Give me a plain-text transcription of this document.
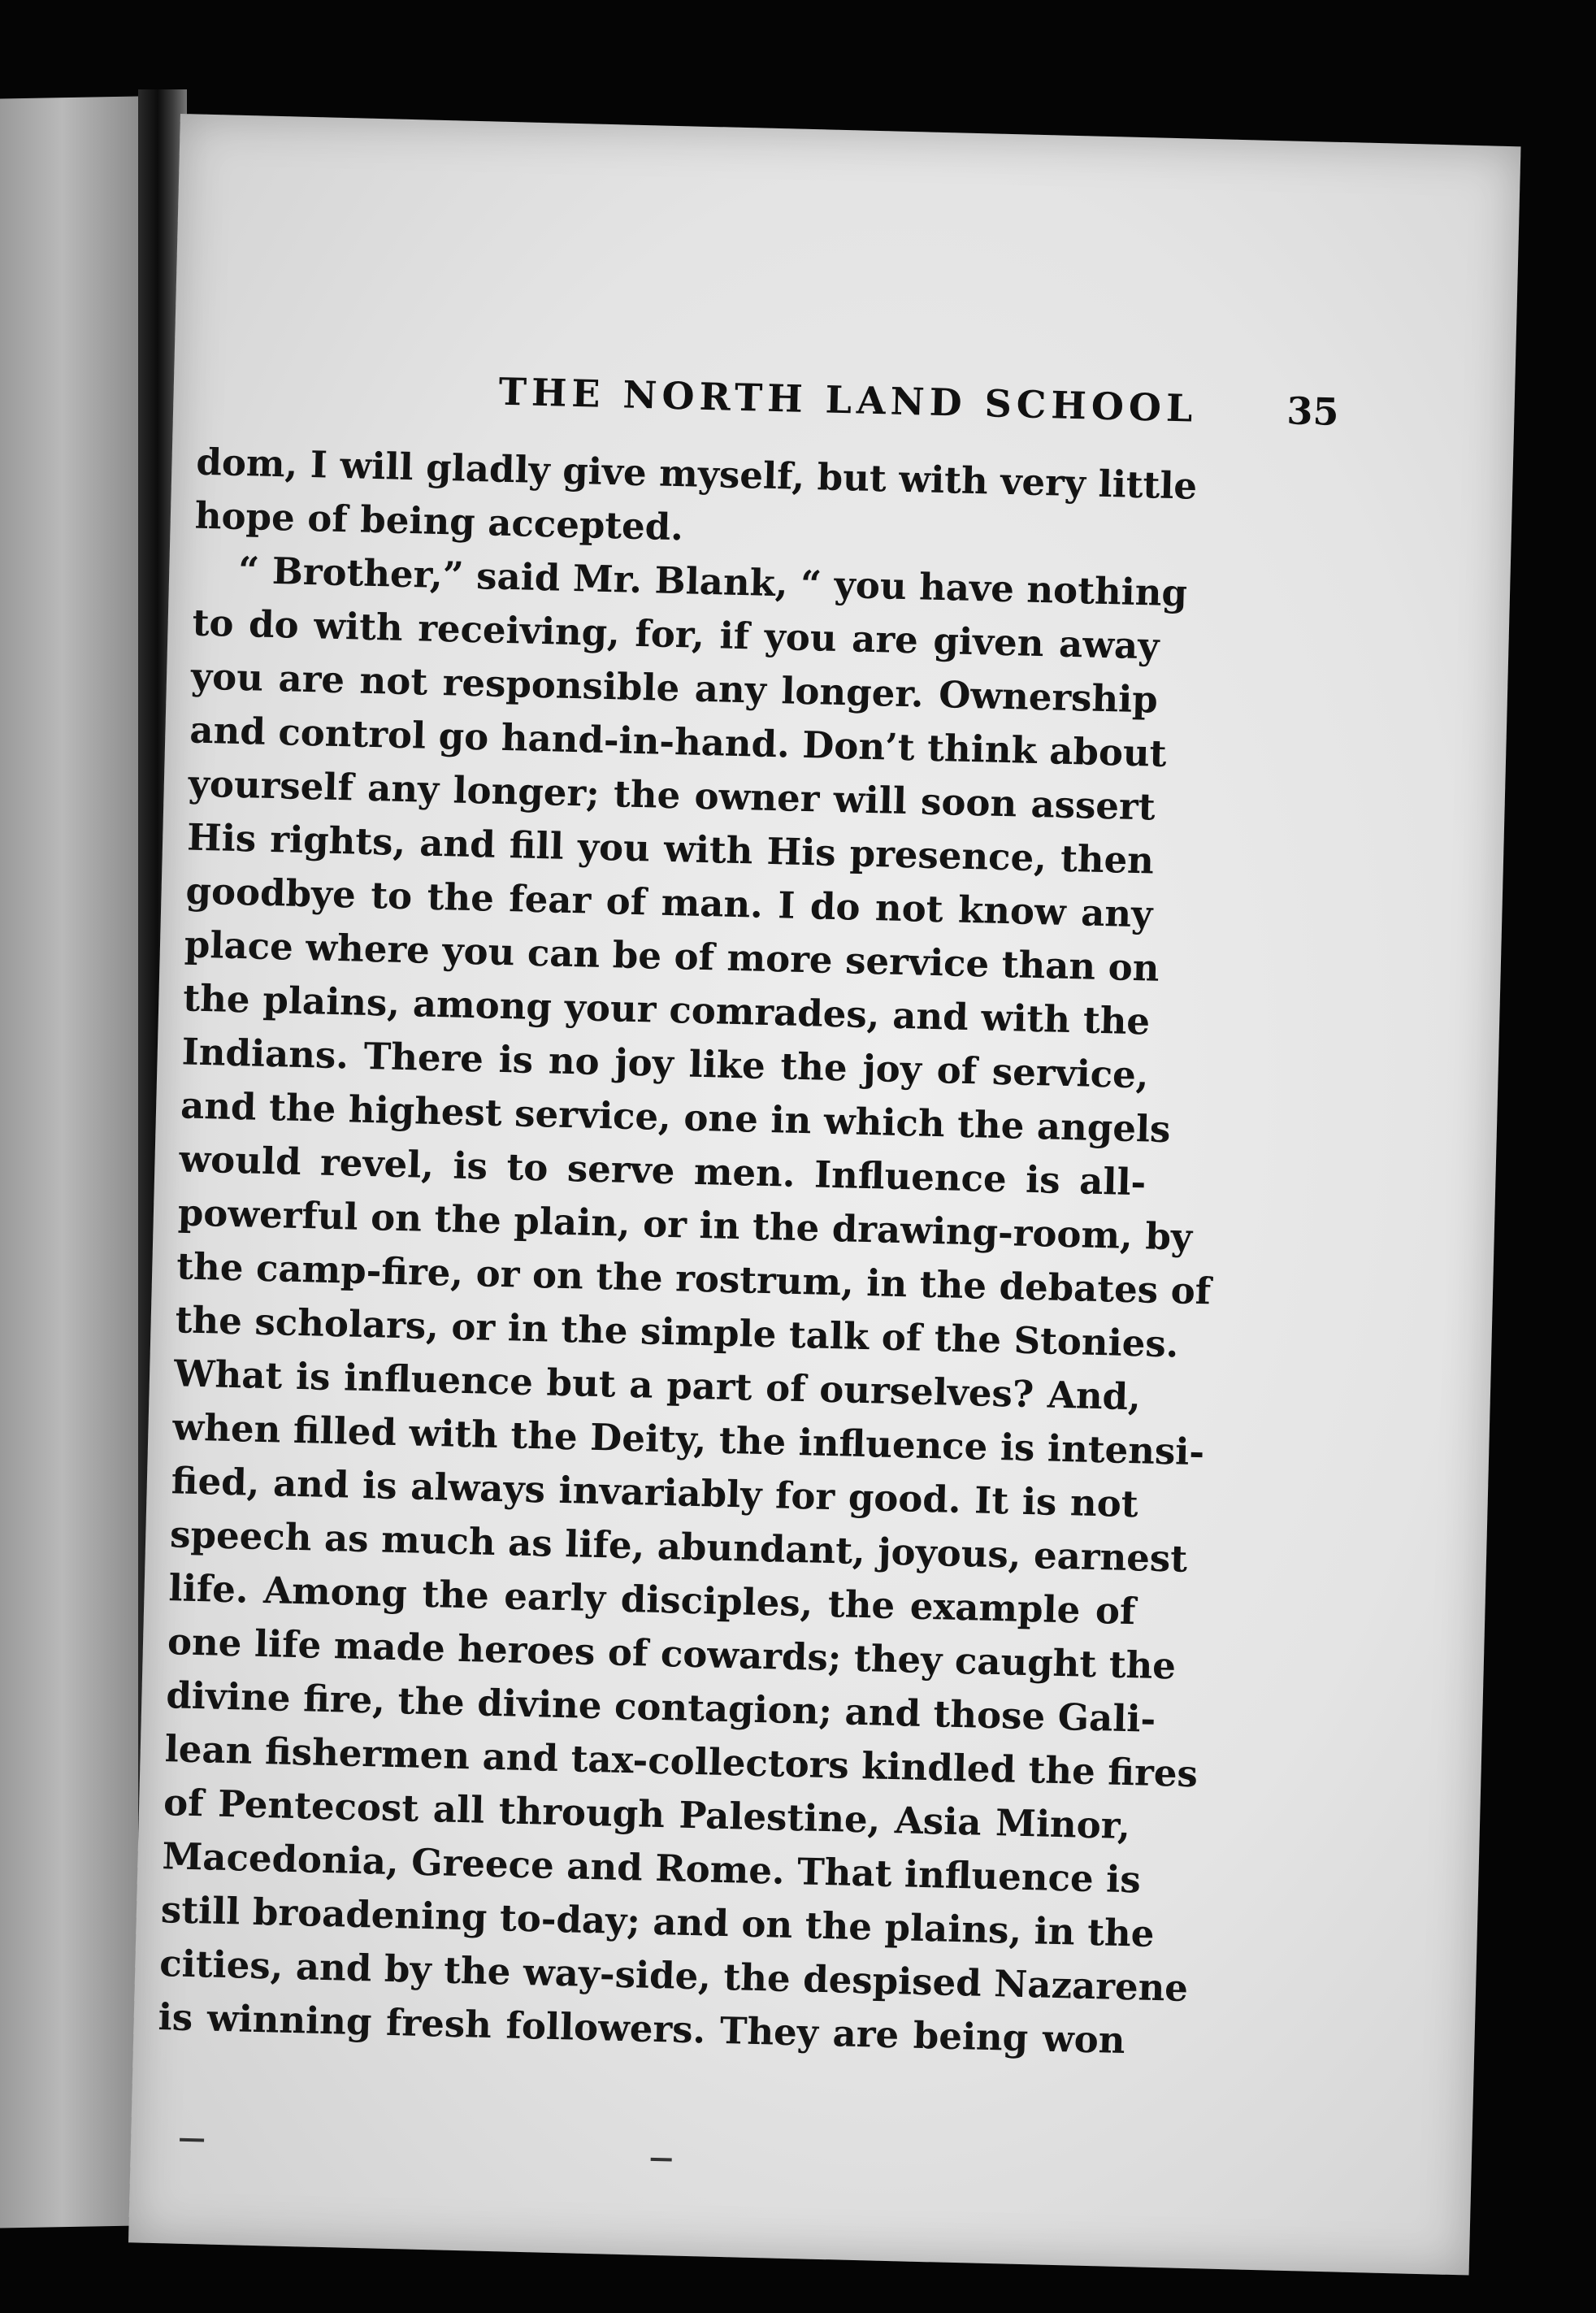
THE NORTH LAND SCHOOL 35
dom, I will gladly give myself, but with very little
hope of being accepted.
“ Brother,” said Mr. Blank, “ you have nothing
to do with receiving, for, if you are given away
you are not responsible any longer. Ownership
and control go hand-in-hand. Don’t think about
yourself any longer; the owner will soon assert
His rights, and fill you with His presence, then
goodbye to the fear of man. I do not know any
place where you can be of more service than on
the plains, among your comrades, and with the
Indians. There is no joy like the joy of service,
and the highest service, one in which the angels
would revel, is to serve men. Influence is all-
powerful on the plain, or in the drawing-room, by
the camp-fire, or on the rostrum, in the debates of
the scholars, or in the simple talk of the Stonies.
What is influence but a part of ourselves? And,
when filled with the Deity, the influence is intensi-
fied, and is always invariably for good. It is not
speech as much as life, abundant, joyous, earnest
life. Among the early disciples, the example of
one life made heroes of cowards; they caught the
divine fire, the divine contagion; and those Gali-
lean fishermen and tax-collectors kindled the fires
of Pentecost all through Palestine, Asia Minor,
Macedonia, Greece and Rome. That influence is
still broadening to-day; and on the plains, in the
cities, and by the way-side, the despised Nazarene
is winning fresh followers. They are being won
